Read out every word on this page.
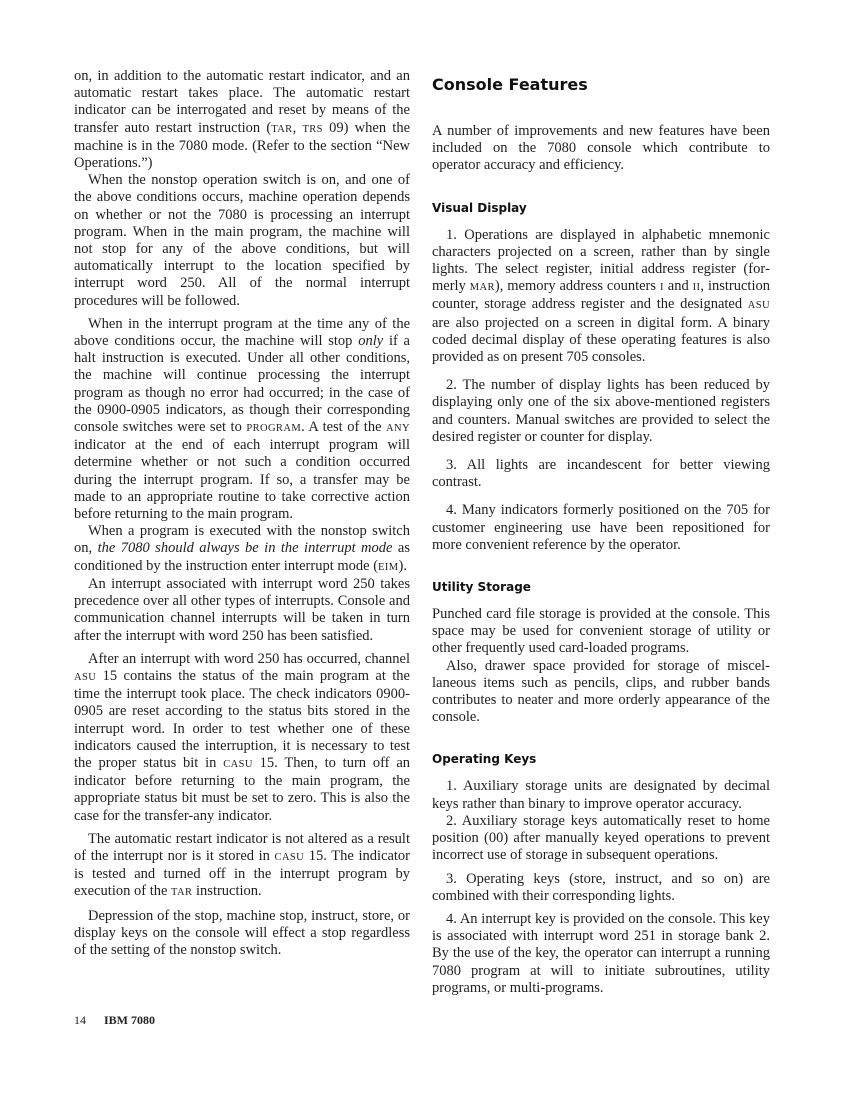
on, in addition to the automatic restart indicator, and an automatic restart takes place. The automatic restart indicator can be interrogated and reset by means of the transfer auto restart instruction (TAR, TRS 09) when the machine is in the 7080 mode. (Refer to the section “New Operations.”)

When the nonstop operation switch is on, and one of the above conditions occurs, machine operation depends on whether or not the 7080 is processing an interrupt program. When in the main program, the machine will not stop for any of the above conditions, but will automatically interrupt to the location specified by interrupt word 250. All of the normal interrupt procedures will be followed.

When in the interrupt program at the time any of the above conditions occur, the machine will stop only if a halt instruction is executed. Under all other conditions, the machine will continue processing the interrupt program as though no error had occurred; in the case of the 0900-0905 indicators, as though their corresponding console switches were set to PROGRAM. A test of the ANY indicator at the end of each interrupt program will determine whether or not such a condition occurred during the interrupt program. If so, a transfer may be made to an appropriate routine to take corrective action before returning to the main program.

When a program is executed with the nonstop switch on, the 7080 should always be in the interrupt mode as conditioned by the instruction enter interrupt mode (EIM).

An interrupt associated with interrupt word 250 takes precedence over all other types of interrupts. Console and communication channel interrupts will be taken in turn after the interrupt with word 250 has been satisfied.

After an interrupt with word 250 has occurred, channel ASU 15 contains the status of the main program at the time the interrupt took place. The check indicators 0900-0905 are reset according to the status bits stored in the interrupt word. In order to test whether one of these indicators caused the interruption, it is necessary to test the proper status bit in CASU 15. Then, to turn off an indicator before returning to the main program, the appropriate status bit must be set to zero. This is also the case for the transfer-any indicator.

The automatic restart indicator is not altered as a result of the interrupt nor is it stored in CASU 15. The indicator is tested and turned off in the interrupt program by execution of the TAR instruction.

Depression of the stop, machine stop, instruct, store, or display keys on the console will effect a stop regardless of the setting of the nonstop switch.

Console Features

A number of improvements and new features have been included on the 7080 console which contribute to operator accuracy and efficiency.

Visual Display

1. Operations are displayed in alphabetic mnemonic characters projected on a screen, rather than by single lights. The select register, initial address register (formerly MAR), memory address counters I and II, instruction counter, storage address register and the designated ASU are also projected on a screen in digital form. A binary coded decimal display of these operating features is also provided as on present 705 consoles.

2. The number of display lights has been reduced by displaying only one of the six above-mentioned registers and counters. Manual switches are provided to select the desired register or counter for display.

3. All lights are incandescent for better viewing contrast.

4. Many indicators formerly positioned on the 705 for customer engineering use have been repositioned for more convenient reference by the operator.

Utility Storage

Punched card file storage is provided at the console. This space may be used for convenient storage of utility or other frequently used card-loaded programs.

Also, drawer space provided for storage of miscellaneous items such as pencils, clips, and rubber bands contributes to neater and more orderly appearance of the console.

Operating Keys

1. Auxiliary storage units are designated by decimal keys rather than binary to improve operator accuracy.

2. Auxiliary storage keys automatically reset to home position (00) after manually keyed operations to prevent incorrect use of storage in subsequent operations.

3. Operating keys (store, instruct, and so on) are combined with their corresponding lights.

4. An interrupt key is provided on the console. This key is associated with interrupt word 251 in storage bank 2. By the use of the key, the operator can interrupt a running 7080 program at will to initiate subroutines, utility programs, or multi-programs.

14 IBM 7080
